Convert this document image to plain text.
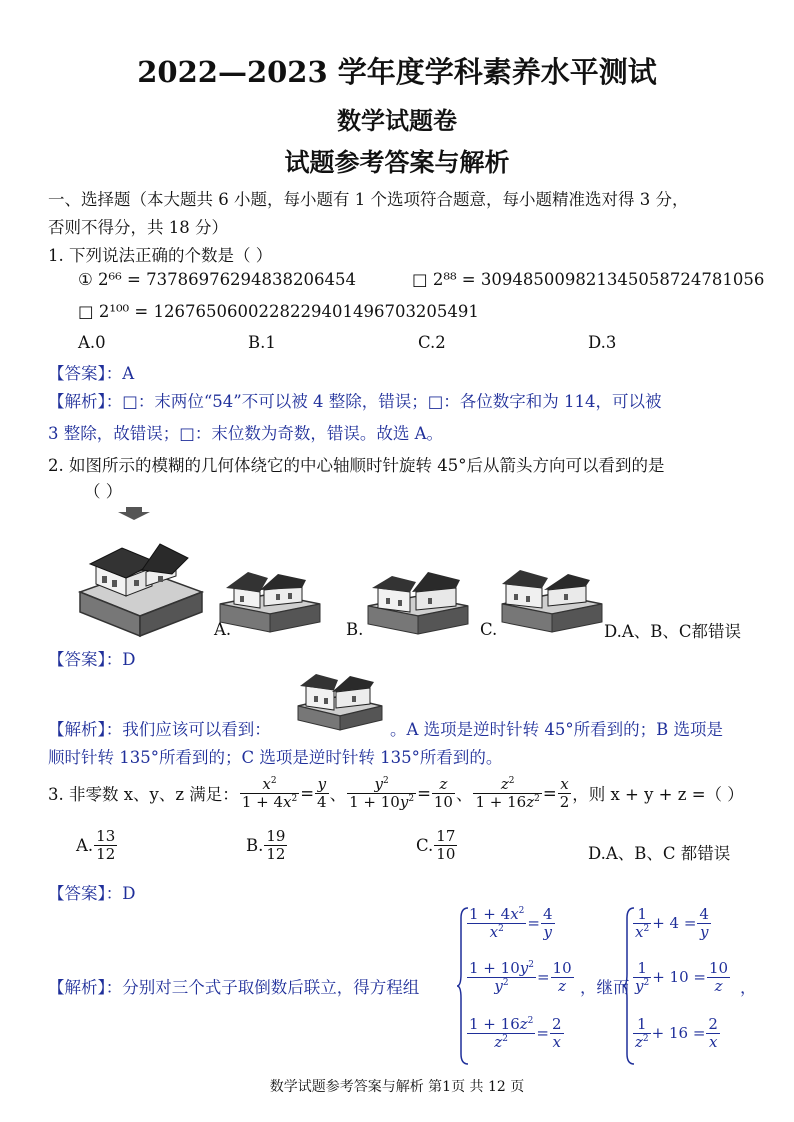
2022—2023 学年度学科素养水平测试
数学试题卷
试题参考答案与解析
一、选择题（本大题共 6 小题，每小题有 1 个选项符合题意，每小题精准选对得 3 分，
否则不得分，共 18 分）
1. 下列说法正确的个数是（ ）
① 2⁶⁶ = 73786976294838206454	□ 2⁸⁸ = 309485009821345058724781056
□ 2¹⁰⁰ = 1267650600228229401496703205491
A.0	B.1	C.2	D.3
【答案】：A
【解析】：□：末两位“54”不可以被 4 整除，错误；□：各位数字和为 114，可以被
3 整除，故错误；□：末位数为奇数，错误。故选 A。
2. 如图所示的模糊的几何体绕它的中心轴顺时针旋转 45°后从箭头方向可以看到的是
（ ）
A.	B.	C.	D.A、B、C都错误
【答案】：D
【解析】：我们应该可以看到：	。A 选项是逆时针转 45°所看到的；B 选项是
顺时针转 135°所看到的；C 选项是逆时针转 135°所看到的。
3. 非零数 x、y、z 满足： $\frac{x^2}{1 + 4x^2} = \frac{y}{4}$ 、 $\frac{y^2}{1 + 10y^2} = \frac{z}{10}$ 、 $\frac{z^2}{1 + 16z^2} = \frac{x}{2}$ ，则 x + y + z =（ ）
A. $\frac{13}{12}$	B. $\frac{19}{12}$	C. $\frac{17}{10}$	D.A、B、C 都错误
【答案】：D
【解析】：分别对三个式子取倒数后联立，得方程组
$\frac{1 + 4x^2}{x^2} = \frac{4}{y}$
$\frac{1 + 10y^2}{y^2} = \frac{10}{z}$
$\frac{1 + 16z^2}{z^2} = \frac{2}{x}$
，继而
$\frac{1}{x^2} + 4 = \frac{4}{y}$
$\frac{1}{y^2} + 10 = \frac{10}{z}$
$\frac{1}{z^2} + 16 = \frac{2}{x}$
，
数学试题参考答案与解析 第1页 共 12 页
